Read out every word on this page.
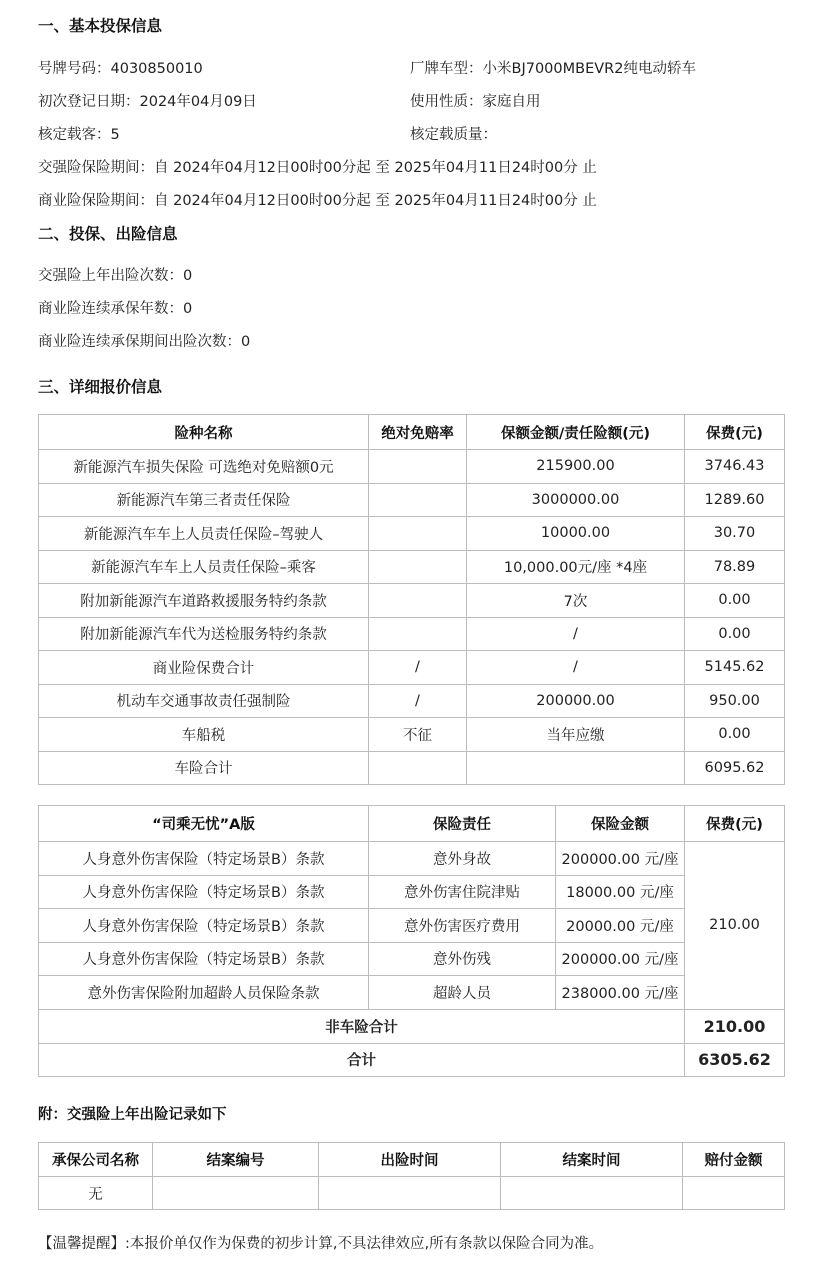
一、基本投保信息
号牌号码：4030850010	厂牌车型：小米BJ7000MBEVR2纯电动轿车
初次登记日期：2024年04月09日	使用性质：家庭自用
核定载客：5	核定载质量：
交强险保险期间：自 2024年04月12日00时00分起 至 2025年04月11日24时00分 止
商业险保险期间：自 2024年04月12日00时00分起 至 2025年04月11日24时00分 止
二、投保、出险信息
交强险上年出险次数：0
商业险连续承保年数：0
商业险连续承保期间出险次数：0
三、详细报价信息
险种名称	绝对免赔率	保额金额/责任险额(元)	保费(元)
新能源汽车损失保险 可选绝对免赔额0元		215900.00	3746.43
新能源汽车第三者责任保险		3000000.00	1289.60
新能源汽车车上人员责任保险–驾驶人		10000.00	30.70
新能源汽车车上人员责任保险–乘客		10,000.00元/座 *4座	78.89
附加新能源汽车道路救援服务特约条款		7次	0.00
附加新能源汽车代为送检服务特约条款		/	0.00
商业险保费合计	/	/	5145.62
机动车交通事故责任强制险	/	200000.00	950.00
车船税	不征	当年应缴	0.00
车险合计			6095.62
“司乘无忧”A版	保险责任	保险金额	保费(元)
人身意外伤害保险（特定场景B）条款	意外身故	200000.00 元/座	210.00
人身意外伤害保险（特定场景B）条款	意外伤害住院津贴	18000.00 元/座	
人身意外伤害保险（特定场景B）条款	意外伤害医疗费用	20000.00 元/座	
人身意外伤害保险（特定场景B）条款	意外伤残	200000.00 元/座	
意外伤害保险附加超龄人员保险条款	超龄人员	238000.00 元/座	
非车险合计			210.00
合计			6305.62
附：交强险上年出险记录如下
承保公司名称	结案编号	出险时间	结案时间	赔付金额
无				
【温馨提醒】:本报价单仅作为保费的初步计算,不具法律效应,所有条款以保险合同为准。
